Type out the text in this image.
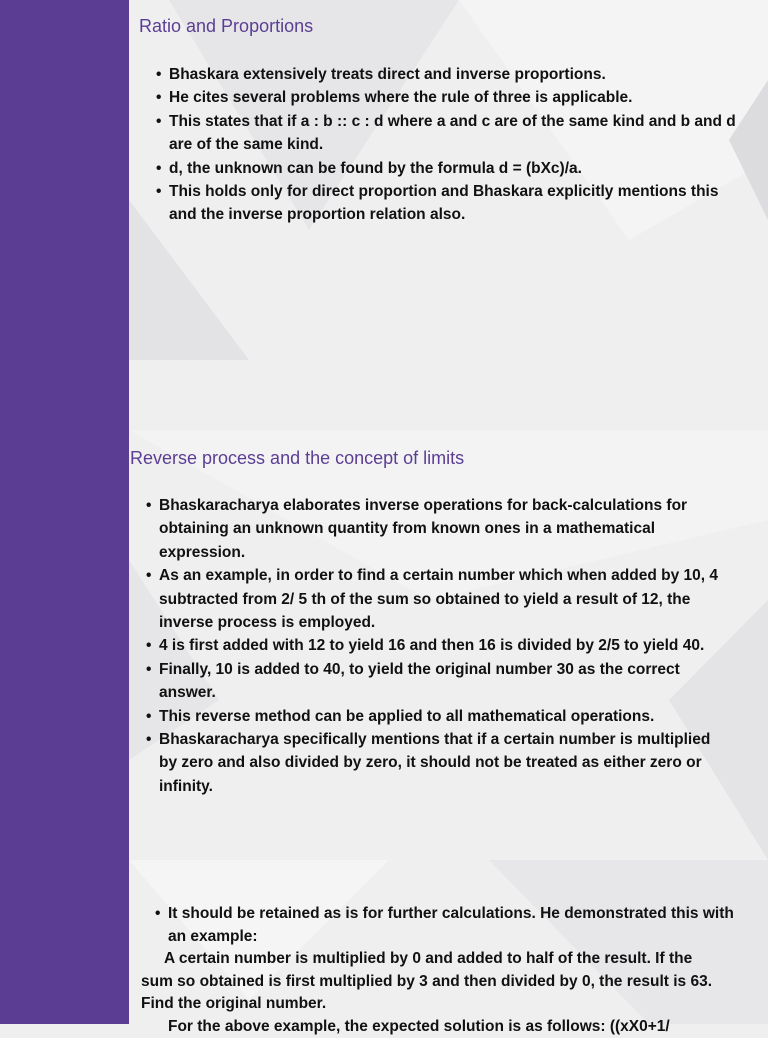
Ratio and Proportions
• Bhaskara extensively treats direct and inverse proportions.
• He cites several problems where the rule of three is applicable.
• This states that if a : b :: c : d where a and c are of the same kind and b and d are of the same kind.
• d, the unknown can be found by the formula d = (bXc)/a.
• This holds only for direct proportion and Bhaskara explicitly mentions this and the inverse proportion relation also.
Reverse process and the concept of limits
• Bhaskaracharya elaborates inverse operations for back-calculations for obtaining an unknown quantity from known ones in a mathematical expression.
• As an example, in order to find a certain number which when added by 10, 4 subtracted from 2/ 5 th of the sum so obtained to yield a result of 12, the inverse process is employed.
• 4 is first added with 12 to yield 16 and then 16 is divided by 2/5 to yield 40.
• Finally, 10 is added to 40, to yield the original number 30 as the correct answer.
• This reverse method can be applied to all mathematical operations.
• Bhaskaracharya specifically mentions that if a certain number is multiplied by zero and also divided by zero, it should not be treated as either zero or infinity.
• It should be retained as is for further calculations. He demonstrated this with an example:
A certain number is multiplied by 0 and added to half of the result. If the
sum so obtained is first multiplied by 3 and then divided by 0, the result is 63.
Find the original number.
For the above example, the expected solution is as follows: ((xX0+1/
